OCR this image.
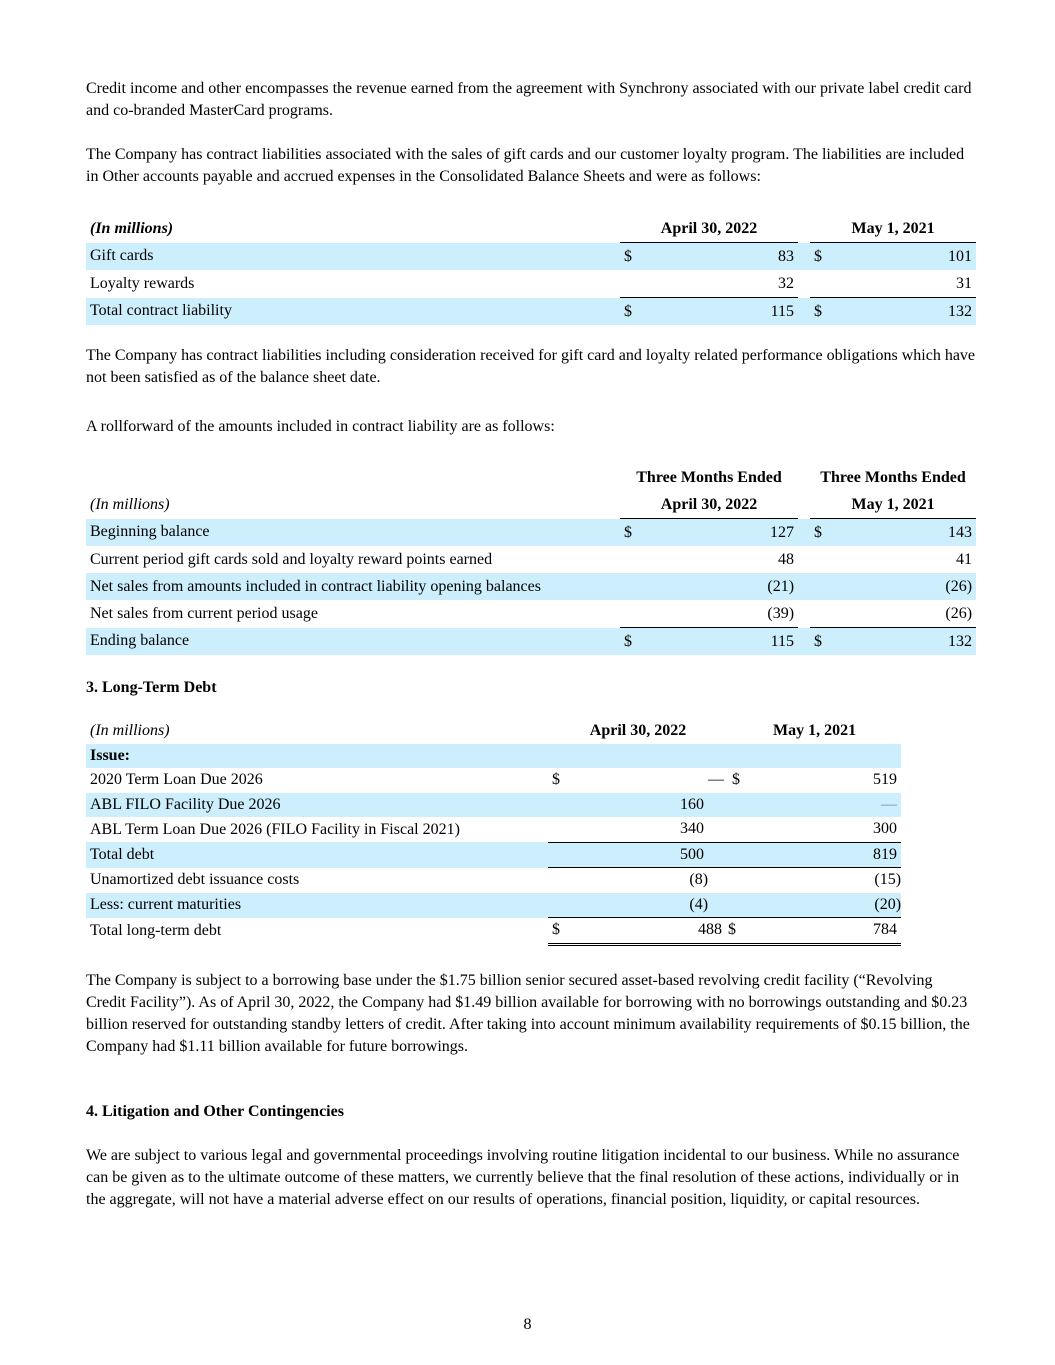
Credit income and other encompasses the revenue earned from the agreement with Synchrony associated with our private label credit card and co-branded MasterCard programs.

The Company has contract liabilities associated with the sales of gift cards and our customer loyalty program. The liabilities are included in Other accounts payable and accrued expenses in the Consolidated Balance Sheets and were as follows:

(In millions)	April 30, 2022			May 1, 2021	
Gift cards	$	83		$	101
Loyalty rewards		32			31
Total contract liability	$	115		$	132

The Company has contract liabilities including consideration received for gift card and loyalty related performance obligations which have not been satisfied as of the balance sheet date.

A rollforward of the amounts included in contract liability are as follows:

	Three Months Ended			Three Months Ended	
(In millions)	April 30, 2022			May 1, 2021	
Beginning balance	$	127		$	143
Current period gift cards sold and loyalty reward points earned		48			41
Net sales from amounts included in contract liability opening balances		(21)			(26)
Net sales from current period usage		(39)			(26)
Ending balance	$	115		$	132

3. Long-Term Debt

(In millions)	April 30, 2022		May 1, 2021	
Issue:				
2020 Term Loan Due 2026	$	—	$	519
ABL FILO Facility Due 2026		160		—
ABL Term Loan Due 2026 (FILO Facility in Fiscal 2021)		340		300
Total debt		500		819
Unamortized debt issuance costs		(8)		(15)
Less: current maturities		(4)		(20)
Total long-term debt	$	488	$	784

The Company is subject to a borrowing base under the $1.75 billion senior secured asset-based revolving credit facility (“Revolving Credit Facility”). As of April 30, 2022, the Company had $1.49 billion available for borrowing with no borrowings outstanding and $0.23 billion reserved for outstanding standby letters of credit. After taking into account minimum availability requirements of $0.15 billion, the Company had $1.11 billion available for future borrowings.

4. Litigation and Other Contingencies

We are subject to various legal and governmental proceedings involving routine litigation incidental to our business. While no assurance can be given as to the ultimate outcome of these matters, we currently believe that the final resolution of these actions, individually or in the aggregate, will not have a material adverse effect on our results of operations, financial position, liquidity, or capital resources.

8
